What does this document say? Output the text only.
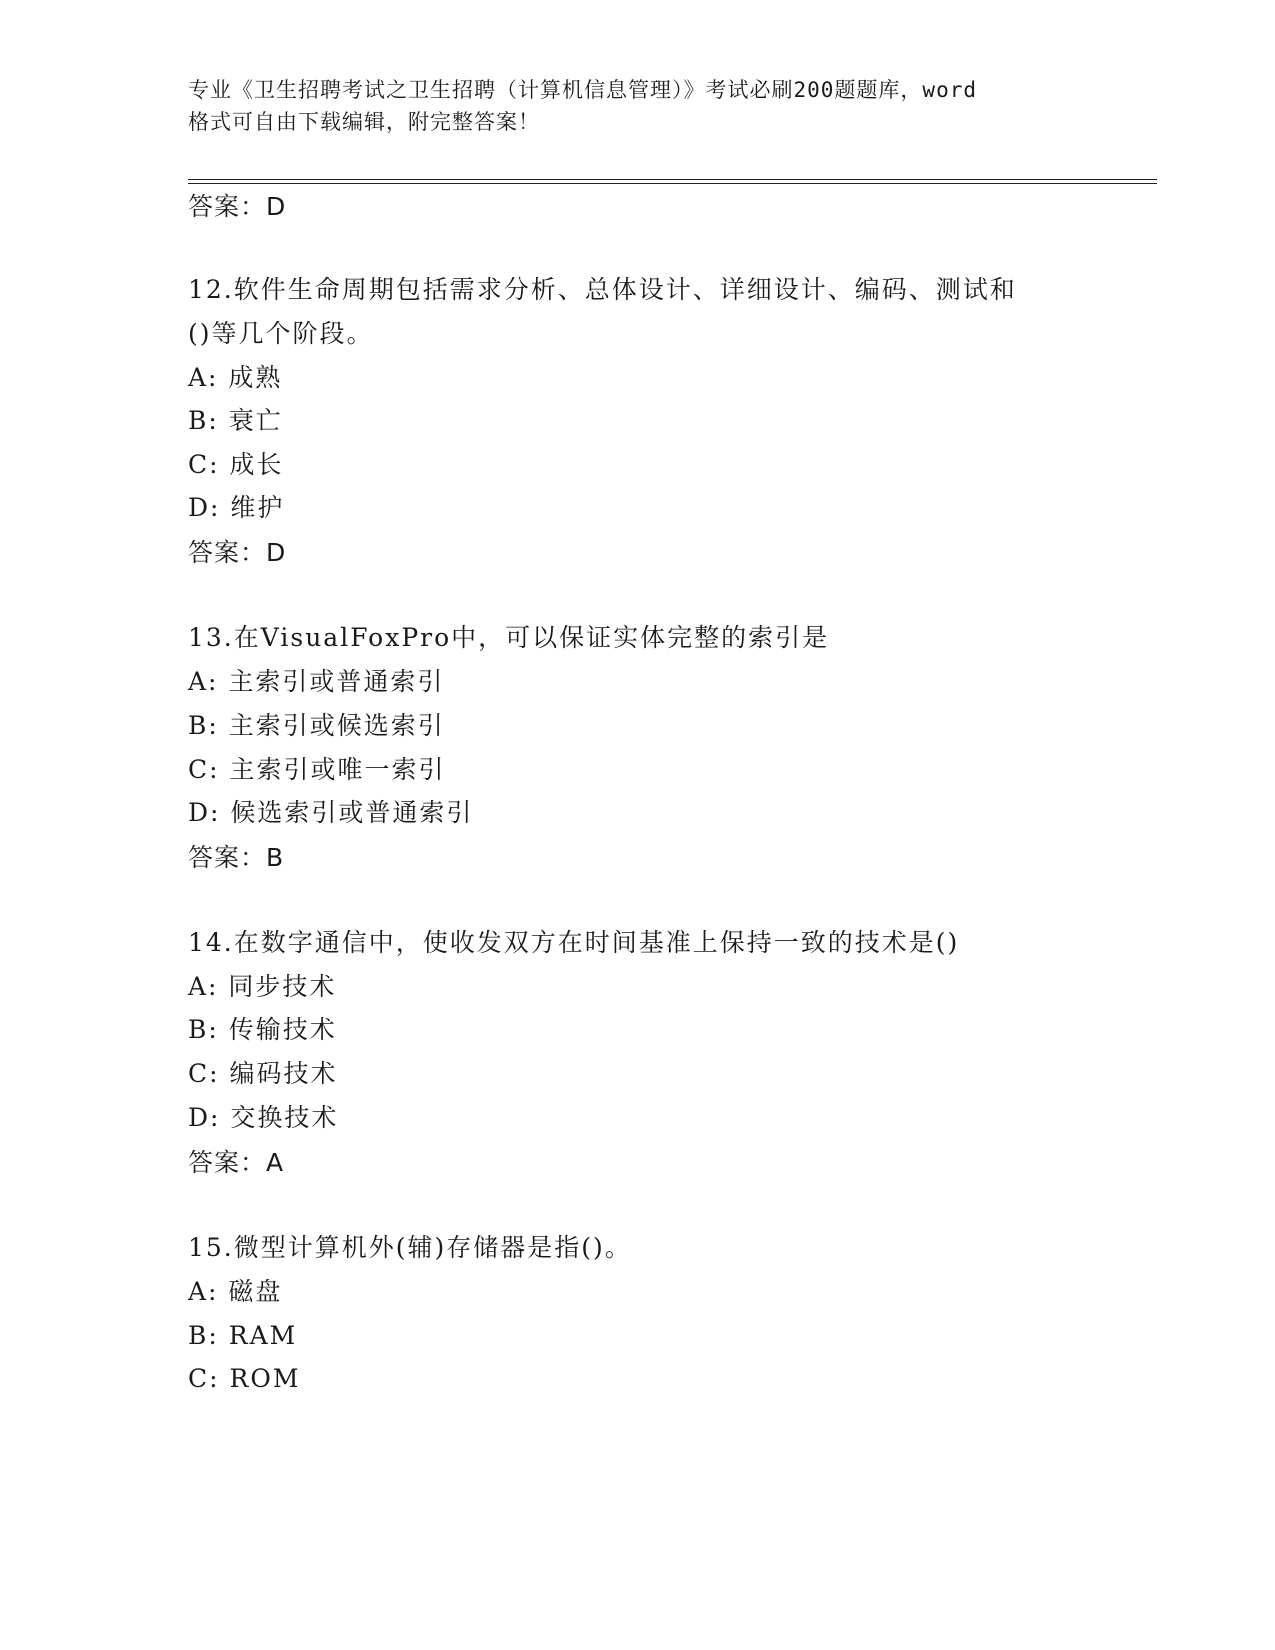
专业《卫生招聘考试之卫生招聘（计算机信息管理）》考试必刷200题题库，word
格式可自由下载编辑，附完整答案！
答案：D
12.软件生命周期包括需求分析、总体设计、详细设计、编码、测试和
()等几个阶段。
A: 成熟
B: 衰亡
C: 成长
D: 维护
答案：D
13.在VisualFoxPro中，可以保证实体完整的索引是
A: 主索引或普通索引
B: 主索引或候选索引
C: 主索引或唯一索引
D: 候选索引或普通索引
答案：B
14.在数字通信中，使收发双方在时间基准上保持一致的技术是()
A: 同步技术
B: 传输技术
C: 编码技术
D: 交换技术
答案：A
15.微型计算机外(辅)存储器是指()。
A: 磁盘
B: RAM
C: ROM
